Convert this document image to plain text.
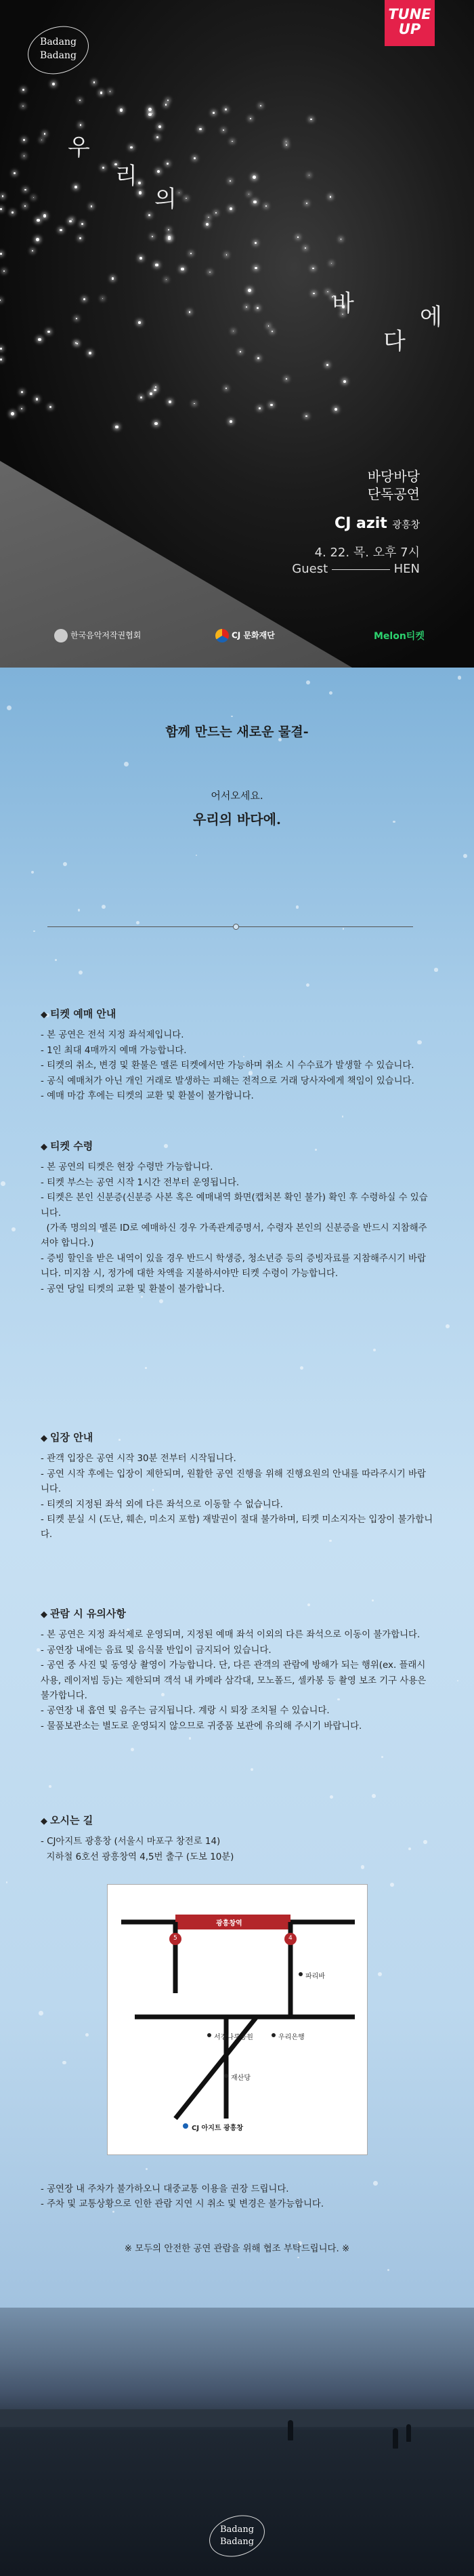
Badang
Badang
TUNE
UP
우
리
의
바
다
에
바당바당
단독공연
CJ azit 광흥창
4. 22. 목. 오후 7시
Guest	HEN
한국음악저작권협회	CJ 문화재단	Melon티켓
함께 만드는 새로운 물결-
어서오세요.
우리의 바다에.
◆ 티켓 예매 안내

- 본 공연은 전석 지정 좌석제입니다.

- 1인 최대 4매까지 예매 가능합니다.

- 티켓의 취소, 변경 및 환불은 멜론 티켓에서만 가능하며 취소 시 수수료가 발생할 수 있습니다.

- 공식 예매처가 아닌 개인 거래로 발생하는 피해는 전적으로 거래 당사자에게 책임이 있습니다.

- 예매 마감 후에는 티켓의 교환 및 환불이 불가합니다.

◆ 티켓 수령

- 본 공연의 티켓은 현장 수령만 가능합니다.

- 티켓 부스는 공연 시작 1시간 전부터 운영됩니다.

- 티켓은 본인 신분증(신분증 사본 혹은 예매내역 화면(캡처본 확인 불가) 확인 후 수령하실 수 있습니다.

(가족 명의의 멜론 ID로 예매하신 경우 가족관계증명서, 수령자 본인의 신분증을 반드시 지참해주셔야 합니다.)

- 증빙 할인을 받은 내역이 있을 경우 반드시 학생증, 청소년증 등의 증빙자료를 지참해주시기 바랍니다. 미지참 시, 정가에 대한 차액을 지불하셔야만 티켓 수령이 가능합니다.

- 공연 당일 티켓의 교환 및 환불이 불가합니다.

◆ 입장 안내

- 관객 입장은 공연 시작 30분 전부터 시작됩니다.

- 공연 시작 후에는 입장이 제한되며, 원활한 공연 진행을 위해 진행요원의 안내를 따라주시기 바랍니다.

- 티켓의 지정된 좌석 외에 다른 좌석으로 이동할 수 없습니다.

- 티켓 분실 시 (도난, 훼손, 미소지 포함) 재발권이 절대 불가하며, 티켓 미소지자는 입장이 불가합니다.

◆ 관람 시 유의사항

- 본 공연은 지정 좌석제로 운영되며, 지정된 예매 좌석 이외의 다른 좌석으로 이동이 불가합니다.

- 공연장 내에는 음료 및 음식물 반입이 금지되어 있습니다.

- 공연 중 사진 및 동영상 촬영이 가능합니다. 단, 다른 관객의 관람에 방해가 되는 행위(ex. 플래시 사용, 레이저빔 등)는 제한되며 객석 내 카메라 삼각대, 모노폴드, 셀카봉 등 촬영 보조 기구 사용은 불가합니다.

- 공연장 내 흡연 및 음주는 금지됩니다. 계랑 시 퇴장 조치될 수 있습니다.

- 물품보관소는 별도로 운영되지 않으므로 귀중품 보관에 유의해 주시기 바랍니다.

◆ 오시는 길

- CJ아지트 광흥창 (서울시 마포구 창전로 14)

지하철 6호선 광흥창역 4,5번 출구 (도보 10분)

광흥창역
5	4
파리바
서강나루공원	우리은행
재산당
CJ 아지트 광흥창

- 공연장 내 주차가 불가하오니 대중교통 이용을 권장 드립니다.

- 주차 및 교통상황으로 인한 관람 지연 시 취소 및 변경은 불가능합니다.

※ 모두의 안전한 공연 관람을 위해 협조 부탁드립니다. ※
Badang
Badang
